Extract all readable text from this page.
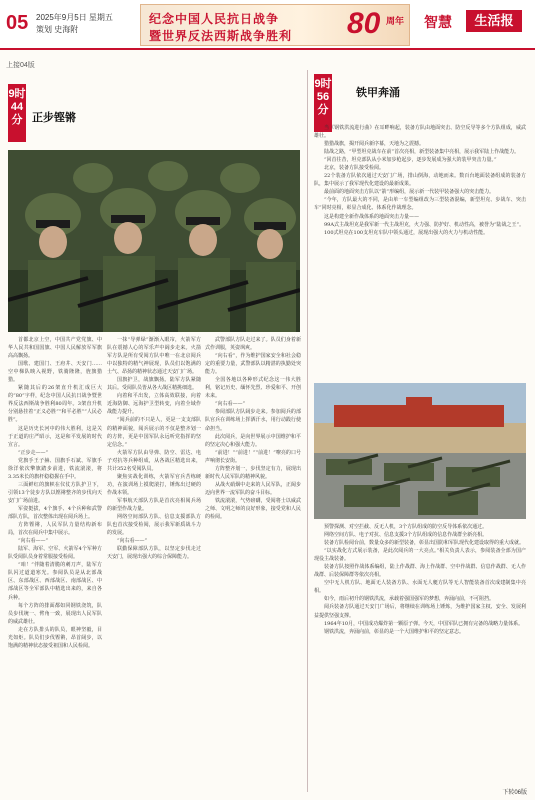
05 2025年9月5日 星期五
策划 史海附
纪念中国人民抗日战争
暨世界反法西斯战争胜利 80 周年 智慧	生活报
上接04版
9时44分 正步铿锵

首都北京上空，中国共产党党旗、中华人民共和国国旗、中国人民解放军军旗高高飘扬。

国歌、建国门、王府井、天安门……空中梯队映入视野，铁骑隆隆，旌旗猎猎。

紧随其后的26架直升机汇成巨大的“80”字样，纪念中国人民抗日战争暨世界反法西斯战争胜利80周年。3架直升机分别悬挂着“正义必胜”“和平必胜”“人民必胜”。

这是历史长河中的伟大胜利，这是关于正道的庄严昭示，这是和平发展的时代宣言。

“正步走——”

党旗手王子赫、国旗手石斌、军旗手徐洋依次擎旗踏步前进，铁流滚滚，将3.35米长的旗杆稳稳握在手中。

三面鲜红的旗帜在仪仗方队护卫下，引领13个徒步方队以铿锵整齐的步伐向天安门广场前进。

军姿挺拔，4个旗手、4个兵种和武警部队方队，首次整体出现在阅兵场上。

方阵铿锵，人民军队力量结构新布局，首次在阅兵中集中展示。

“向右看——”

陆军、海军、空军、火箭军4个军种方队受阅队员身着常服接受检阅。

“咱！”伴随着清脆的刺刀声，陆军方队闪过道道寒光。参阅队员是从北部战区、东部战区、西部战区、南部战区、中部战区等全军部队中精选出来的，来自各兵种。

每个方阵的排面都如同钢铁浇筑，队员步伐统一、臂角一致，展现出人民军队的威武雄壮。

走在方队排头的队员，眼神坚毅，目光如炬。队员们步伐铿锵，昂首阔步，以饱满的精神状态接受祖国和人民检阅。

一抹“导弹绿”渐渐入眼帘，火箭军方队在震撼人心的军乐声中阔步走来。火箭军方队是所有受阅方队中唯一在北京阅兵中以独特的精气神展现，队员们以饱满的士气、昂扬的精神状态通过天安门广场。

国旗护卫，战旗飘扬。陆军方队紧随其后。受阅队员皆从各大战区精挑细选。

向着和平出发，立体高效联接，向着近海防御、远海护卫型转变，向着全域作战能力提升。

“阅兵前的不只是人，更是一支支部队的精神面貌，阅兵展示的不仅是整齐划一的方阵，更是中国军队永远听党指挥的坚定信念。”

火箭军方队由导弹、防空、雷达、电子对抗等兵种组成，从各战区精选出来，共计352名受阅队员。

聚焦实战化训练，火箭军官兵苦练硬功，在演训场上摸爬滚打，锤炼出过硬的作战本领。

军事航天部队方队是首次亮相阅兵场的新型作战力量。

网络空间部队方队、信息支援部队方队也首次接受检阅，展示我军新质战斗力的发展。

“向右看——”

联勤保障部队方队，以坚定步伐走过天安门，展现出强大的综合保障能力。

武警部队方队走过来了。队员们身着新式作训服，英姿飒爽。

“向右看”，作为维护国家安全和社会稳定的重要力量，武警部队以精湛的执勤处突能力。

全国各地以各种形式纪念这一伟大胜利，铭记历史、缅怀先烈、珍爱和平、开创未来。

“向右看——”

参阅部队方队阔步走来。参加阅兵的部队官兵在训练场上挥洒汗水，用行动践行使命担当。

此次阅兵，是向世界展示中国维护和平的坚定决心和强大能力。

“前进！”“前进！”“前进！”嘹亮的口号声响彻长安街。

方阵整齐划一，步伐坚定有力，展现出新时代人民军队的精神风貌。

从战火硝烟中走来的人民军队，正阔步迈向世界一流军队的奋斗目标。

铁流滚滚，气势磅礴，受阅将士以威武之师、文明之师的良好形象，接受党和人民的检阅。

9时56分
铁甲奔涌

当《钢铁洪流进行曲》在耳畔响起，装备方队由地面突击、防空反导等多个方队组成，威武雄壮。

猎猎战旗，揭开阅兵新序幕，天地为之震撼。

陆战之路，“甲型坦克战车在前”首次亮相，新型装备集中亮相，展示我军陆上作战能力。

“回首往昔，坦克部队从小米加步枪起步，逐步发展成为强大的装甲突击力量。”

北京，装备方队接受检阅。

22个装备方队依次通过天安门广场，排山倒海，动地而来。数百台地面装备组成的装备方队，集中展示了我军现代化建设的最新成果。

最前面的地面突击方队以“箭”形编组，展示新一代装甲装备强大的突击能力。

“今年，方队最大的不同，是由单一车型编组改为三型装备混编，新型坦克、步战车、突击车”同时亮相，彰显合成化、体系化作战理念。

这是构建全新作战体系的地面突击力量——

99A式主战坦克是我军新一代主战坦克，火力强、防护好、机动性高，被誉为“陆战之王”。

100式坦克在100支坦克车队中领头通过，展现出强大的火力与机动性能。

预警探测、对空拦截、反无人机，3个方队组成的防空反导体系依次通过。

网络空间方队、电子对抗、信息支援3个方队组成的信息作战群全新亮相。

装备方队检阅台前，数量众多的新型装备，彰显出国防和军队现代化建设取得的重大成就。

“以实战化方式展示装备，是此次阅兵的一大亮点。”相关负责人表示，参阅装备全部为国产现役主战装备。

装备方队按照作战体系编组，陆上作战群、海上作战群、空中作战群、信息作战群、无人作战群、后装保障群等依次亮相。

空中无人机方队、地面无人装备方队、水面无人艇方队等无人智能装备首次成建制集中亮相。

如今，雨后初升的钢铁洪流，承载着强国强军的梦想，奔涌向前，不可阻挡。

阅兵装备方队通过天安门广场后，将继续在训练场上锤炼，为维护国家主权、安全、发展利益提供坚强支撑。

1964年10月，中国成功爆炸第一颗原子弹。今天，中国军队已拥有完备的战略力量体系。

钢铁洪流，奔涌向前，彰显的是一个大国维护和平的坚定意志。

下转06版
